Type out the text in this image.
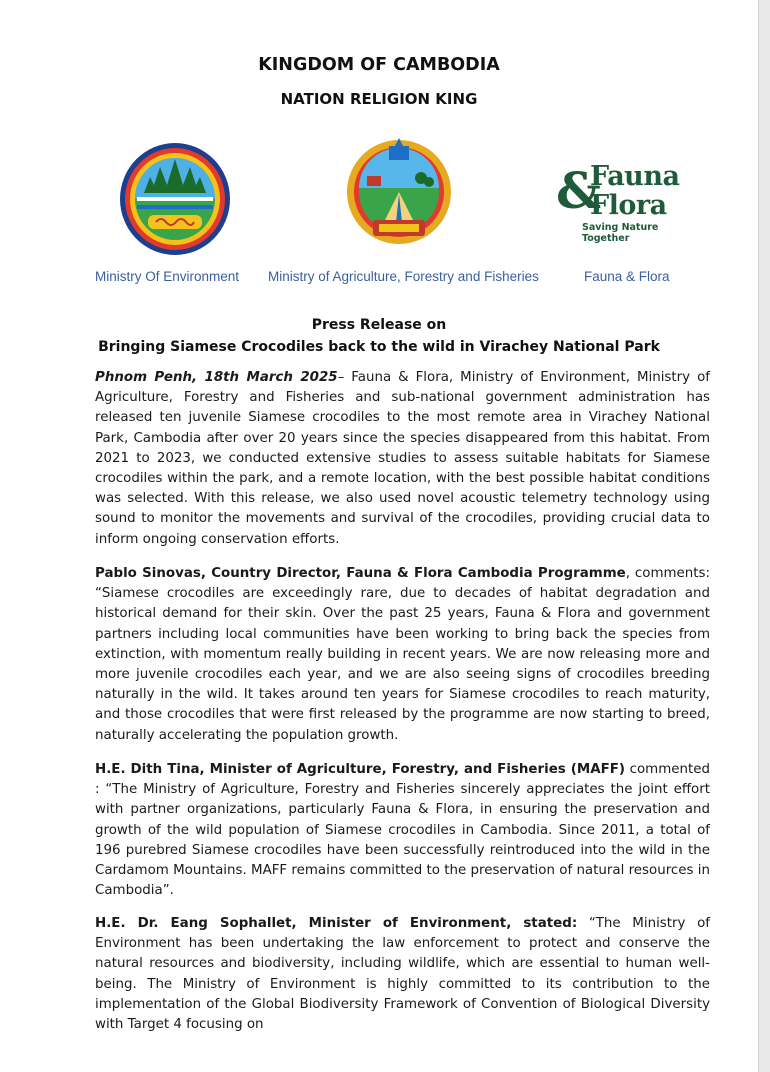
KINGDOM OF CAMBODIA
NATION RELIGION KING
&
Fauna
Flora
Saving Nature Together
Ministry Of Environment Ministry of Agriculture, Forestry and Fisheries	Fauna & Flora
Press Release on
Bringing Siamese Crocodiles back to the wild in Virachey National Park
Phnom Penh, 18th March 2025– Fauna & Flora, Ministry of Environment, Ministry of Agriculture, Forestry and Fisheries and sub-national government administration has released ten juvenile Siamese crocodiles to the most remote area in Virachey National Park, Cambodia after over 20 years since the species disappeared from this habitat. From 2021 to 2023, we conducted extensive studies to assess suitable habitats for Siamese crocodiles within the park, and a remote location, with the best possible habitat conditions was selected. With this release, we also used novel acoustic telemetry technology using sound to monitor the movements and survival of the crocodiles, providing crucial data to inform ongoing conservation efforts.
Pablo Sinovas, Country Director, Fauna & Flora Cambodia Programme, comments: “Siamese crocodiles are exceedingly rare, due to decades of habitat degradation and historical demand for their skin. Over the past 25 years, Fauna & Flora and government partners including local communities have been working to bring back the species from extinction, with momentum really building in recent years. We are now releasing more and more juvenile crocodiles each year, and we are also seeing signs of crocodiles breeding naturally in the wild. It takes around ten years for Siamese crocodiles to reach maturity, and those crocodiles that were first released by the programme are now starting to breed, naturally accelerating the population growth.
H.E. Dith Tina, Minister of Agriculture, Forestry, and Fisheries (MAFF) commented : “The Ministry of Agriculture, Forestry and Fisheries sincerely appreciates the joint effort with partner organizations, particularly Fauna & Flora, in ensuring the preservation and growth of the wild population of Siamese crocodiles in Cambodia. Since 2011, a total of 196 purebred Siamese crocodiles have been successfully reintroduced into the wild in the Cardamom Mountains. MAFF remains committed to the preservation of natural resources in Cambodia”.
H.E. Dr. Eang Sophallet, Minister of Environment, stated: “The Ministry of Environment has been undertaking the law enforcement to protect and conserve the natural resources and biodiversity, including wildlife, which are essential to human well-being. The Ministry of Environment is highly committed to its contribution to the implementation of the Global Biodiversity Framework of Convention of Biological Diversity with Target 4 focusing on
